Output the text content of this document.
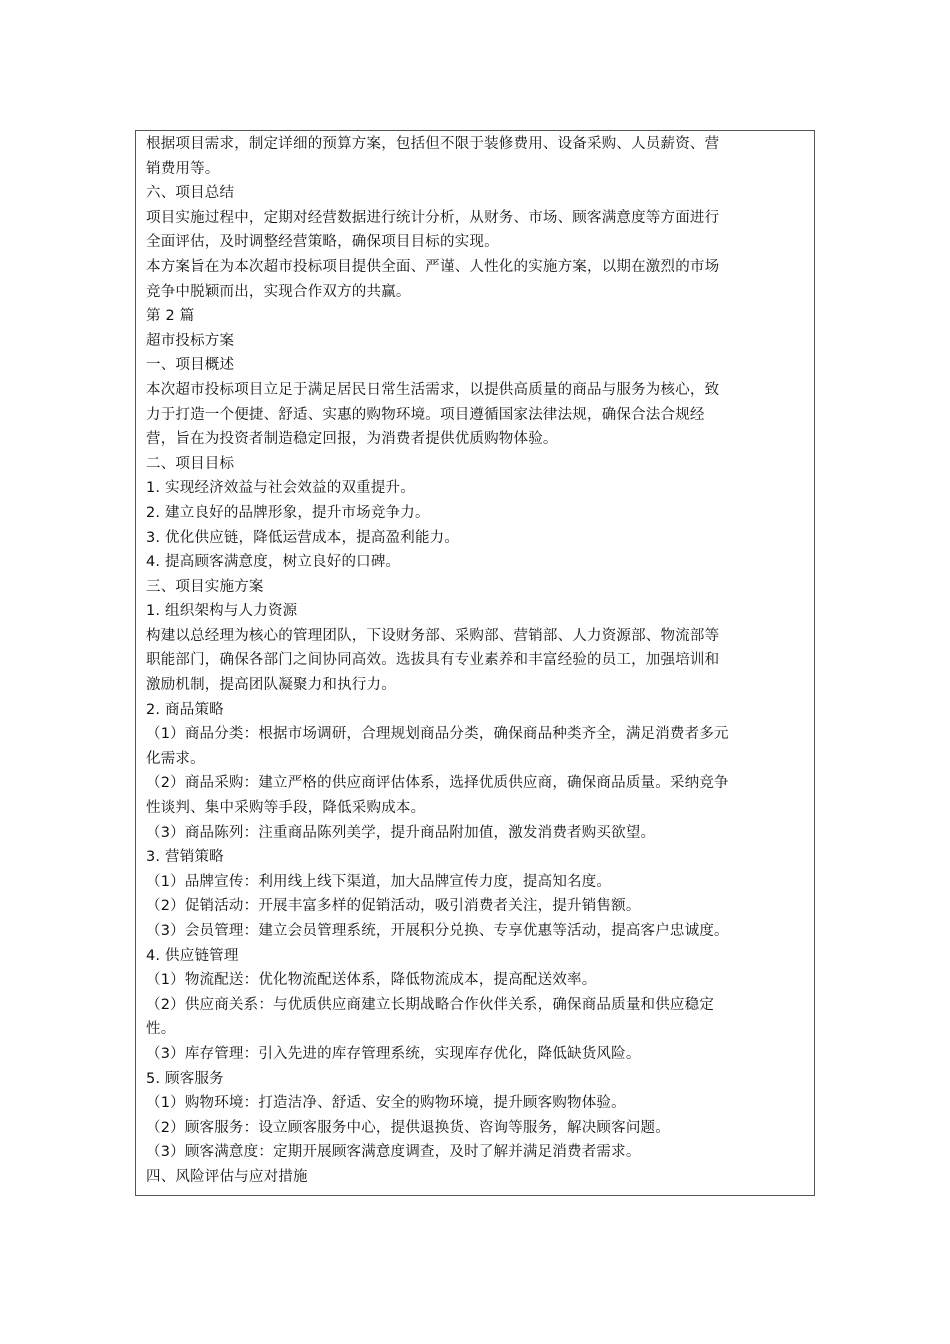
根据项目需求，制定详细的预算方案，包括但不限于装修费用、设备采购、人员薪资、营
销费用等。
六、项目总结
项目实施过程中，定期对经营数据进行统计分析，从财务、市场、顾客满意度等方面进行
全面评估，及时调整经营策略，确保项目目标的实现。
本方案旨在为本次超市投标项目提供全面、严谨、人性化的实施方案，以期在激烈的市场
竞争中脱颖而出，实现合作双方的共赢。
第 2 篇
超市投标方案
一、项目概述
本次超市投标项目立足于满足居民日常生活需求，以提供高质量的商品与服务为核心，致
力于打造一个便捷、舒适、实惠的购物环境。项目遵循国家法律法规，确保合法合规经
营，旨在为投资者制造稳定回报，为消费者提供优质购物体验。
二、项目目标
1. 实现经济效益与社会效益的双重提升。
2. 建立良好的品牌形象，提升市场竞争力。
3. 优化供应链，降低运营成本，提高盈利能力。
4. 提高顾客满意度，树立良好的口碑。
三、项目实施方案
1. 组织架构与人力资源
构建以总经理为核心的管理团队，下设财务部、采购部、营销部、人力资源部、物流部等
职能部门，确保各部门之间协同高效。选拔具有专业素养和丰富经验的员工，加强培训和
激励机制，提高团队凝聚力和执行力。
2. 商品策略
（1）商品分类：根据市场调研，合理规划商品分类，确保商品种类齐全，满足消费者多元
化需求。
（2）商品采购：建立严格的供应商评估体系，选择优质供应商，确保商品质量。采纳竞争
性谈判、集中采购等手段，降低采购成本。
（3）商品陈列：注重商品陈列美学，提升商品附加值，激发消费者购买欲望。
3. 营销策略
（1）品牌宣传：利用线上线下渠道，加大品牌宣传力度，提高知名度。
（2）促销活动：开展丰富多样的促销活动，吸引消费者关注，提升销售额。
（3）会员管理：建立会员管理系统，开展积分兑换、专享优惠等活动，提高客户忠诚度。
4. 供应链管理
（1）物流配送：优化物流配送体系，降低物流成本，提高配送效率。
（2）供应商关系：与优质供应商建立长期战略合作伙伴关系，确保商品质量和供应稳定
性。
（3）库存管理：引入先进的库存管理系统，实现库存优化，降低缺货风险。
5. 顾客服务
（1）购物环境：打造洁净、舒适、安全的购物环境，提升顾客购物体验。
（2）顾客服务：设立顾客服务中心，提供退换货、咨询等服务，解决顾客问题。
（3）顾客满意度：定期开展顾客满意度调查，及时了解并满足消费者需求。
四、风险评估与应对措施
